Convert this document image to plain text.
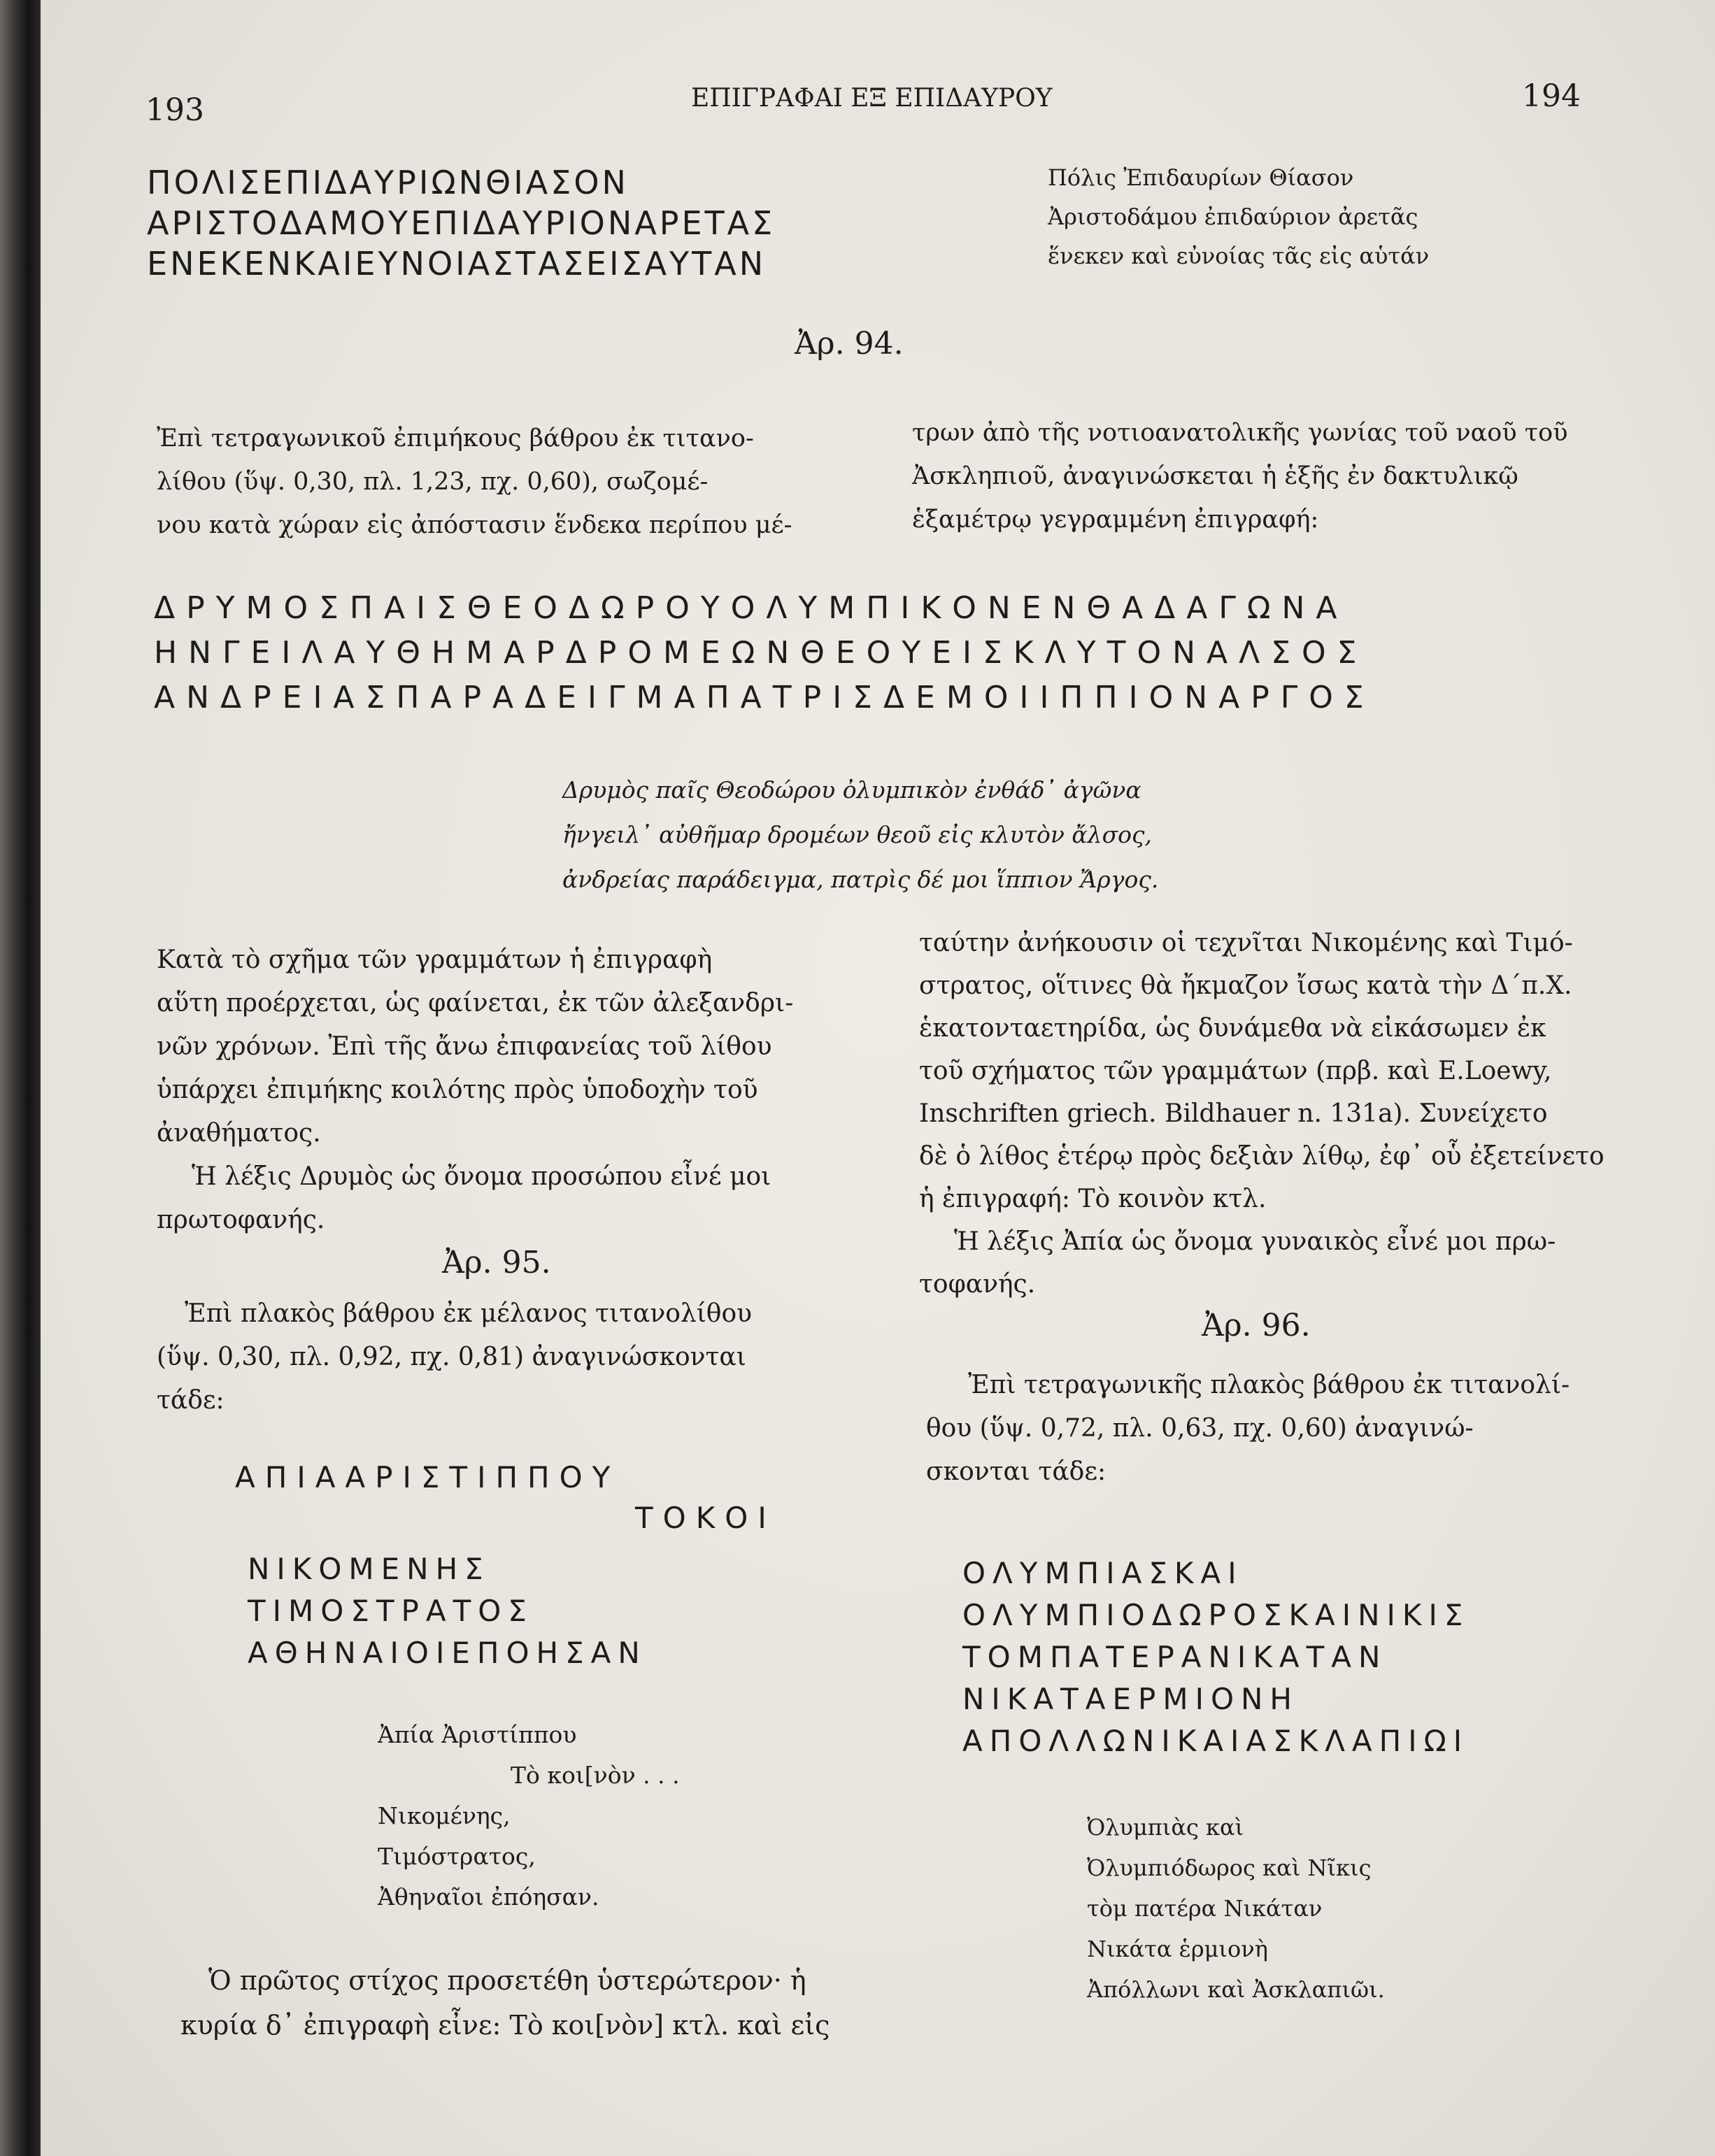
193	ΕΠΙΓΡΑΦΑΙ ΕΞ ΕΠΙΔΑΥΡΟΥ	194
ΠΟΛΙΣΕΠΙΔΑΥΡΙΩΝΘΙΑΣΟΝ
ΑΡΙΣΤΟΔΑΜΟΥΕΠΙΔΑΥΡΙΟΝΑΡΕΤΑΣ
ΕΝΕΚΕΝΚΑΙΕΥΝΟΙΑΣΤΑΣΕΙΣΑΥΤΑΝ
Πόλις Ἐπιδαυρίων Θίασον
Ἀριστοδάμου ἐπιδαύριον ἀρετᾶς
ἕνεκεν καὶ εὐνοίας τᾶς εἰς αὑτάν
Ἀρ. 94.
Ἐπὶ τετραγωνικοῦ ἐπιμήκους βάθρου ἐκ τιτανο-
λίθου (ὕψ. 0,30, πλ. 1,23, πχ. 0,60), σωζομέ-
νου κατὰ χώραν εἰς ἀπόστασιν ἕνδεκα περίπου μέ-
τρων ἀπὸ τῆς νοτιοανατολικῆς γωνίας τοῦ ναοῦ τοῦ
Ἀσκληπιοῦ, ἀναγινώσκεται ἡ ἑξῆς ἐν δακτυλικῷ
ἑξαμέτρῳ γεγραμμένη ἐπιγραφή:
ΔΡΥΜΟΣΠΑΙΣΘΕΟΔΩΡΟΥΟΛΥΜΠΙΚΟΝΕΝΘΑΔΑΓΩΝΑ
ΗΝΓΕΙΛΑΥΘΗΜΑΡΔΡΟΜΕΩΝΘΕΟΥΕΙΣΚΛΥΤΟΝΑΛΣΟΣ
ΑΝΔΡΕΙΑΣΠΑΡΑΔΕΙΓΜΑΠΑΤΡΙΣΔΕΜΟΙΙΠΠΙΟΝΑΡΓΟΣ
Δρυμὸς παῖς Θεοδώρου ὀλυμπικὸν ἐνθάδ᾽ ἀγῶνα
ἤνγειλ᾽ αὐθῆμαρ δρομέων θεοῦ εἰς κλυτὸν ἄλσος,
ἀνδρείας παράδειγμα, πατρὶς δέ μοι ἵππιον Ἄργος.
Κατὰ τὸ σχῆμα τῶν γραμμάτων ἡ ἐπιγραφὴ
αὕτη προέρχεται, ὡς φαίνεται, ἐκ τῶν ἀλεξανδρι-
νῶν χρόνων. Ἐπὶ τῆς ἄνω ἐπιφανείας τοῦ λίθου
ὑπάρχει ἐπιμήκης κοιλότης πρὸς ὑποδοχὴν τοῦ
ἀναθήματος.
Ἡ λέξις Δρυμὸς ὡς ὄνομα προσώπου εἶνέ μοι
πρωτοφανής.
Ἀρ. 95.
Ἐπὶ πλακὸς βάθρου ἐκ μέλανος τιτανολίθου
(ὕψ. 0,30, πλ. 0,92, πχ. 0,81) ἀναγινώσκονται
τάδε:
ΑΠΙΑΑΡΙΣΤΙΠΠΟΥ
ΤΟΚΟΙ
ΝΙΚΟΜΕΝΗΣ
ΤΙΜΟΣΤΡΑΤΟΣ
ΑΘΗΝΑΙΟΙΕΠΟΗΣΑΝ
Ἀπία Ἀριστίππου
Τὸ κοι[νὸν . . .
Νικομένης,
Τιμόστρατος,
Ἀθηναῖοι ἐπόησαν.
Ὁ πρῶτος στίχος προσετέθη ὑστερώτερον· ἡ
κυρία δ᾽ ἐπιγραφὴ εἶνε: Τὸ κοι[νὸν] κτλ. καὶ εἰς
ταύτην ἀνήκουσιν οἱ τεχνῖται Νικομένης καὶ Τιμό-
στρατος, οἵτινες θὰ ἤκμαζον ἴσως κατὰ τὴν Δ´π.Χ.
ἑκατονταετηρίδα, ὡς δυνάμεθα νὰ εἰκάσωμεν ἐκ
τοῦ σχήματος τῶν γραμμάτων (πρβ. καὶ E.Loewy,
Inschriften griech. Bildhauer n. 131a). Συνείχετο
δὲ ὁ λίθος ἑτέρῳ πρὸς δεξιὰν λίθῳ, ἐφ᾽ οὗ ἐξετείνετο
ἡ ἐπιγραφή: Τὸ κοινὸν κτλ.
Ἡ λέξις Ἀπία ὡς ὄνομα γυναικὸς εἶνέ μοι πρω-
τοφανής.
Ἀρ. 96.
Ἐπὶ τετραγωνικῆς πλακὸς βάθρου ἐκ τιτανολί-
θου (ὕψ. 0,72, πλ. 0,63, πχ. 0,60) ἀναγινώ-
σκονται τάδε:
ΟΛΥΜΠΙΑΣΚΑΙ
ΟΛΥΜΠΙΟΔΩΡΟΣΚΑΙΝΙΚΙΣ
ΤΟΜΠΑΤΕΡΑΝΙΚΑΤΑΝ
ΝΙΚΑΤΑΕΡΜΙΟΝΗ
ΑΠΟΛΛΩΝΙΚΑΙΑΣΚΛΑΠΙΩΙ
Ὀλυμπιὰς καὶ
Ὀλυμπιόδωρος καὶ Νῖκις
τὸμ πατέρα Νικάταν
Νικάτα ἑρμιονὴ
Ἀπόλλωνι καὶ Ἀσκλαπιῶι.
